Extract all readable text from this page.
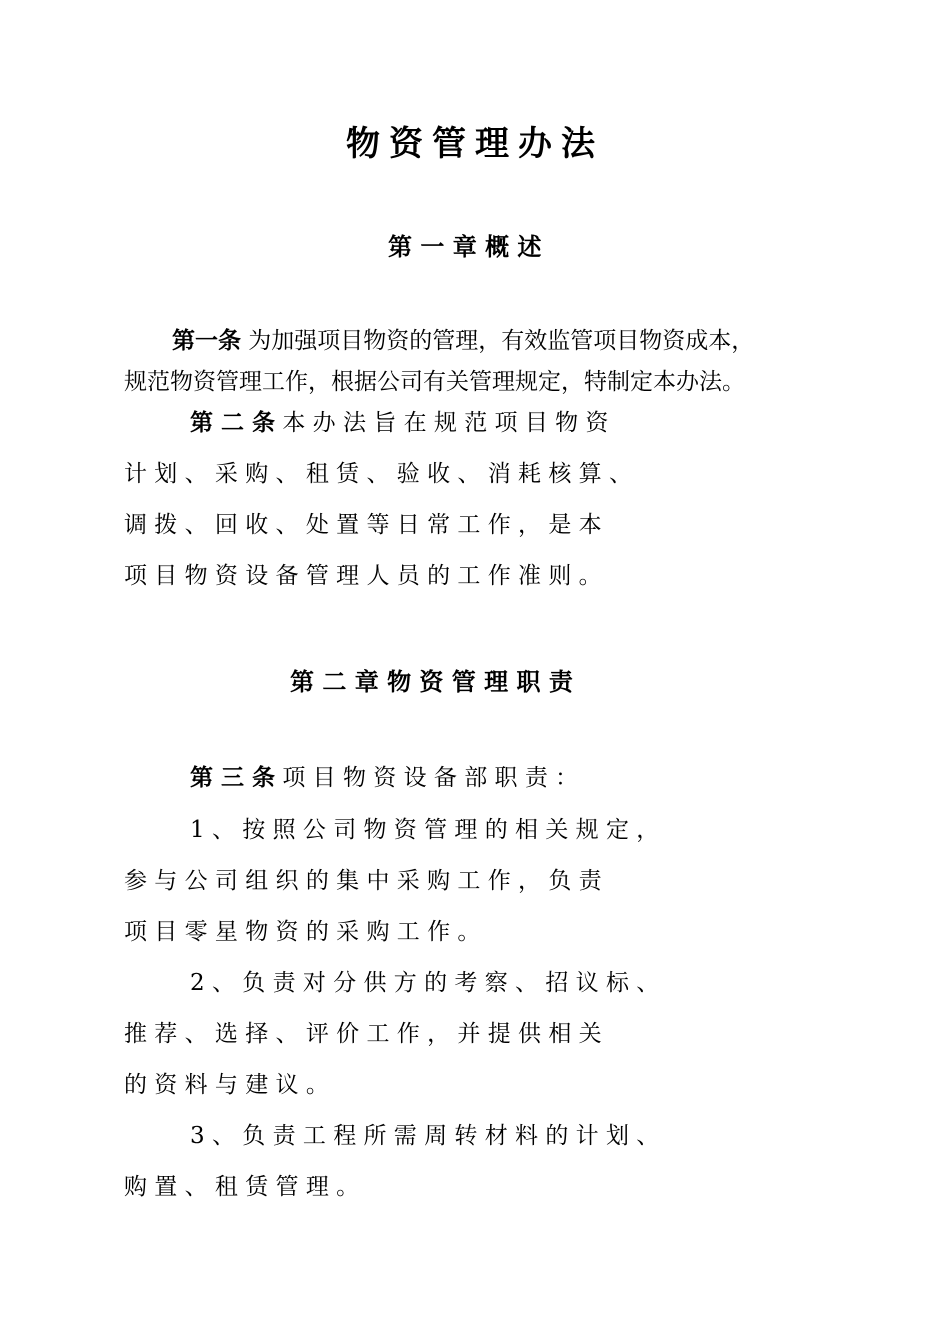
物资管理办法
第 一 章 概 述
第一条 为加强项目物资的管理，有效监管项目物资成本，
规范物资管理工作，根据公司有关管理规定，特制定本办法。
第 二 条 本 办 法 旨 在 规 范 项 目 物 资
计 划 、 采 购 、 租 赁 、 验 收 、 消 耗 核 算 、
调 拨 、 回 收 、 处 置 等 日 常 工 作 ， 是 本
项 目 物 资 设 备 管 理 人 员 的 工 作 准 则 。
第 二 章 物 资 管 理 职 责
第 三 条 项 目 物 资 设 备 部 职 责 ：
1 、 按 照 公 司 物 资 管 理 的 相 关 规 定 ，
参 与 公 司 组 织 的 集 中 采 购 工 作 ， 负 责
项 目 零 星 物 资 的 采 购 工 作 。
2 、 负 责 对 分 供 方 的 考 察 、 招 议 标 、
推 荐 、 选 择 、 评 价 工 作 ， 并 提 供 相 关
的 资 料 与 建 议 。
3 、 负 责 工 程 所 需 周 转 材 料 的 计 划 、
购 置 、 租 赁 管 理 。
